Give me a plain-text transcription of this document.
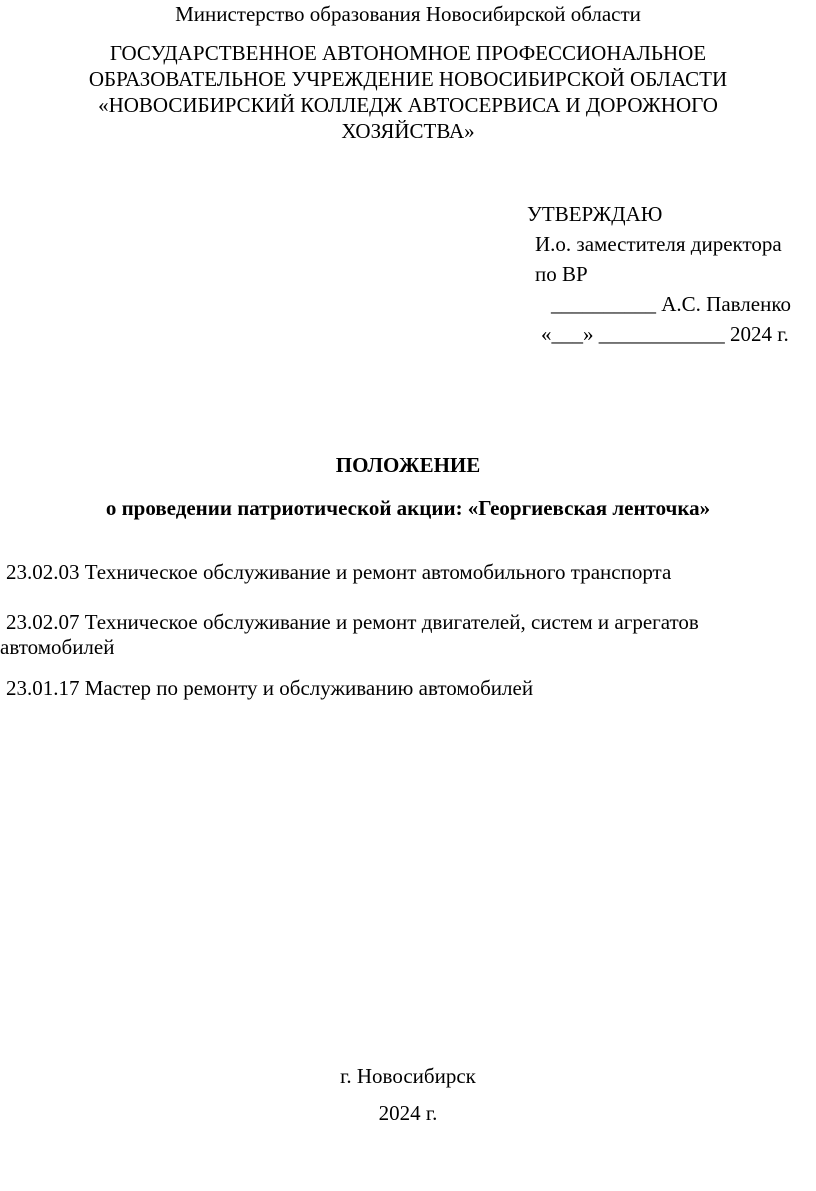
Министерство образования Новосибирской области
ГОСУДАРСТВЕННОЕ АВТОНОМНОЕ ПРОФЕССИОНАЛЬНОЕ
ОБРАЗОВАТЕЛЬНОЕ УЧРЕЖДЕНИЕ НОВОСИБИРСКОЙ ОБЛАСТИ
«НОВОСИБИРСКИЙ КОЛЛЕДЖ АВТОСЕРВИСА И ДОРОЖНОГО
ХОЗЯЙСТВА»
УТВЕРЖДАЮ
И.о. заместителя директора
по ВР
__________ А.С. Павленко
«___» ____________ 2024 г.
ПОЛОЖЕНИЕ
о проведении патриотической акции: «Георгиевская ленточка»
23.02.03 Техническое обслуживание и ремонт автомобильного транспорта
23.02.07 Техническое обслуживание и ремонт двигателей, систем и агрегатов
автомобилей
23.01.17 Мастер по ремонту и обслуживанию автомобилей
г. Новосибирск
2024 г.
